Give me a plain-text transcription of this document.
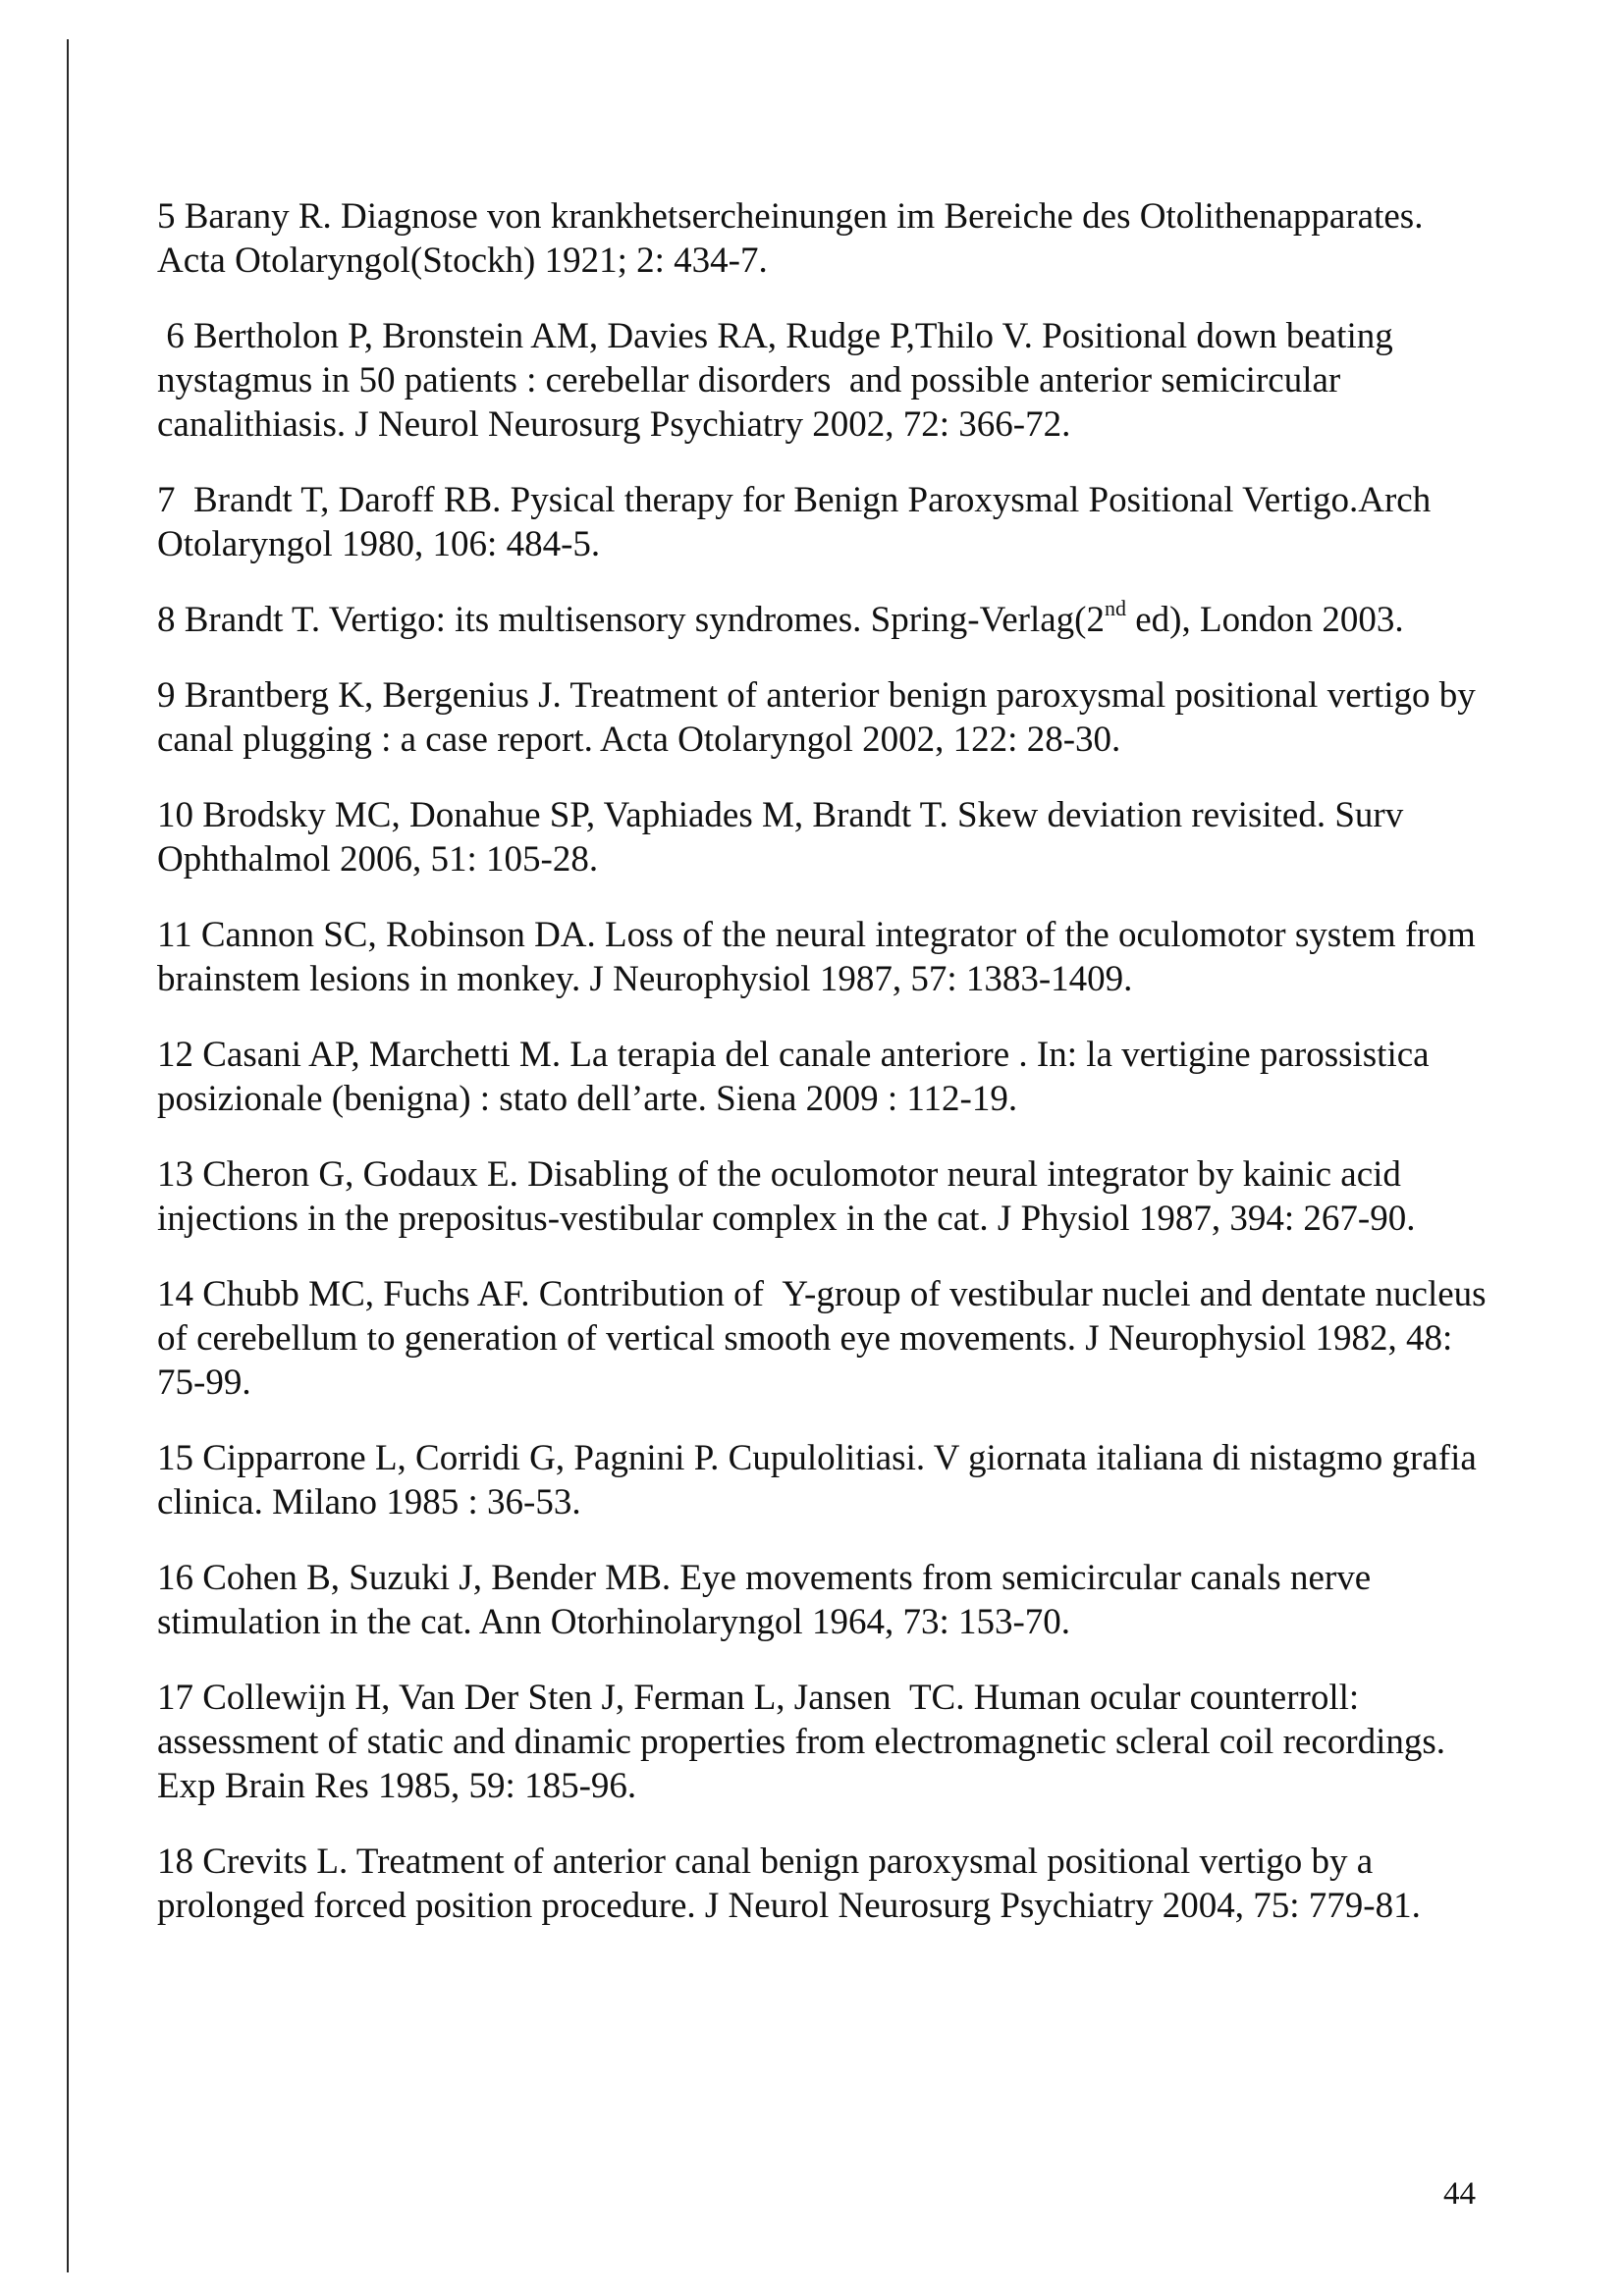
5 Barany R. Diagnose von krankhetsercheinungen im Bereiche des Otolithenapparates. Acta Otolaryngol(Stockh) 1921; 2: 434-7.
6 Bertholon P, Bronstein AM, Davies RA, Rudge P,Thilo V. Positional down beating nystagmus in 50 patients : cerebellar disorders  and possible anterior semicircular canalithiasis. J Neurol Neurosurg Psychiatry 2002, 72: 366-72.
7  Brandt T, Daroff RB. Pysical therapy for Benign Paroxysmal Positional Vertigo.Arch Otolaryngol 1980, 106: 484-5.
8 Brandt T. Vertigo: its multisensory syndromes. Spring-Verlag(2nd ed), London 2003.
9 Brantberg K, Bergenius J. Treatment of anterior benign paroxysmal positional vertigo by canal plugging : a case report. Acta Otolaryngol 2002, 122: 28-30.
10 Brodsky MC, Donahue SP, Vaphiades M, Brandt T. Skew deviation revisited. Surv Ophthalmol 2006, 51: 105-28.
11 Cannon SC, Robinson DA. Loss of the neural integrator of the oculomotor system from brainstem lesions in monkey. J Neurophysiol 1987, 57: 1383-1409.
12 Casani AP, Marchetti M. La terapia del canale anteriore . In: la vertigine parossistica posizionale (benigna) : stato dell’arte. Siena 2009 : 112-19.
13 Cheron G, Godaux E. Disabling of the oculomotor neural integrator by kainic acid injections in the prepositus-vestibular complex in the cat. J Physiol 1987, 394: 267-90.
14 Chubb MC, Fuchs AF. Contribution of  Y-group of vestibular nuclei and dentate nucleus of cerebellum to generation of vertical smooth eye movements. J Neurophysiol 1982, 48: 75-99.
15 Cipparrone L, Corridi G, Pagnini P. Cupulolitiasi. V giornata italiana di nistagmo grafia clinica. Milano 1985 : 36-53.
16 Cohen B, Suzuki J, Bender MB. Eye movements from semicircular canals nerve stimulation in the cat. Ann Otorhinolaryngol 1964, 73: 153-70.
17 Collewijn H, Van Der Sten J, Ferman L, Jansen  TC. Human ocular counterroll: assessment of static and dinamic properties from electromagnetic scleral coil recordings. Exp Brain Res 1985, 59: 185-96.
18 Crevits L. Treatment of anterior canal benign paroxysmal positional vertigo by a prolonged forced position procedure. J Neurol Neurosurg Psychiatry 2004, 75: 779-81.
44
